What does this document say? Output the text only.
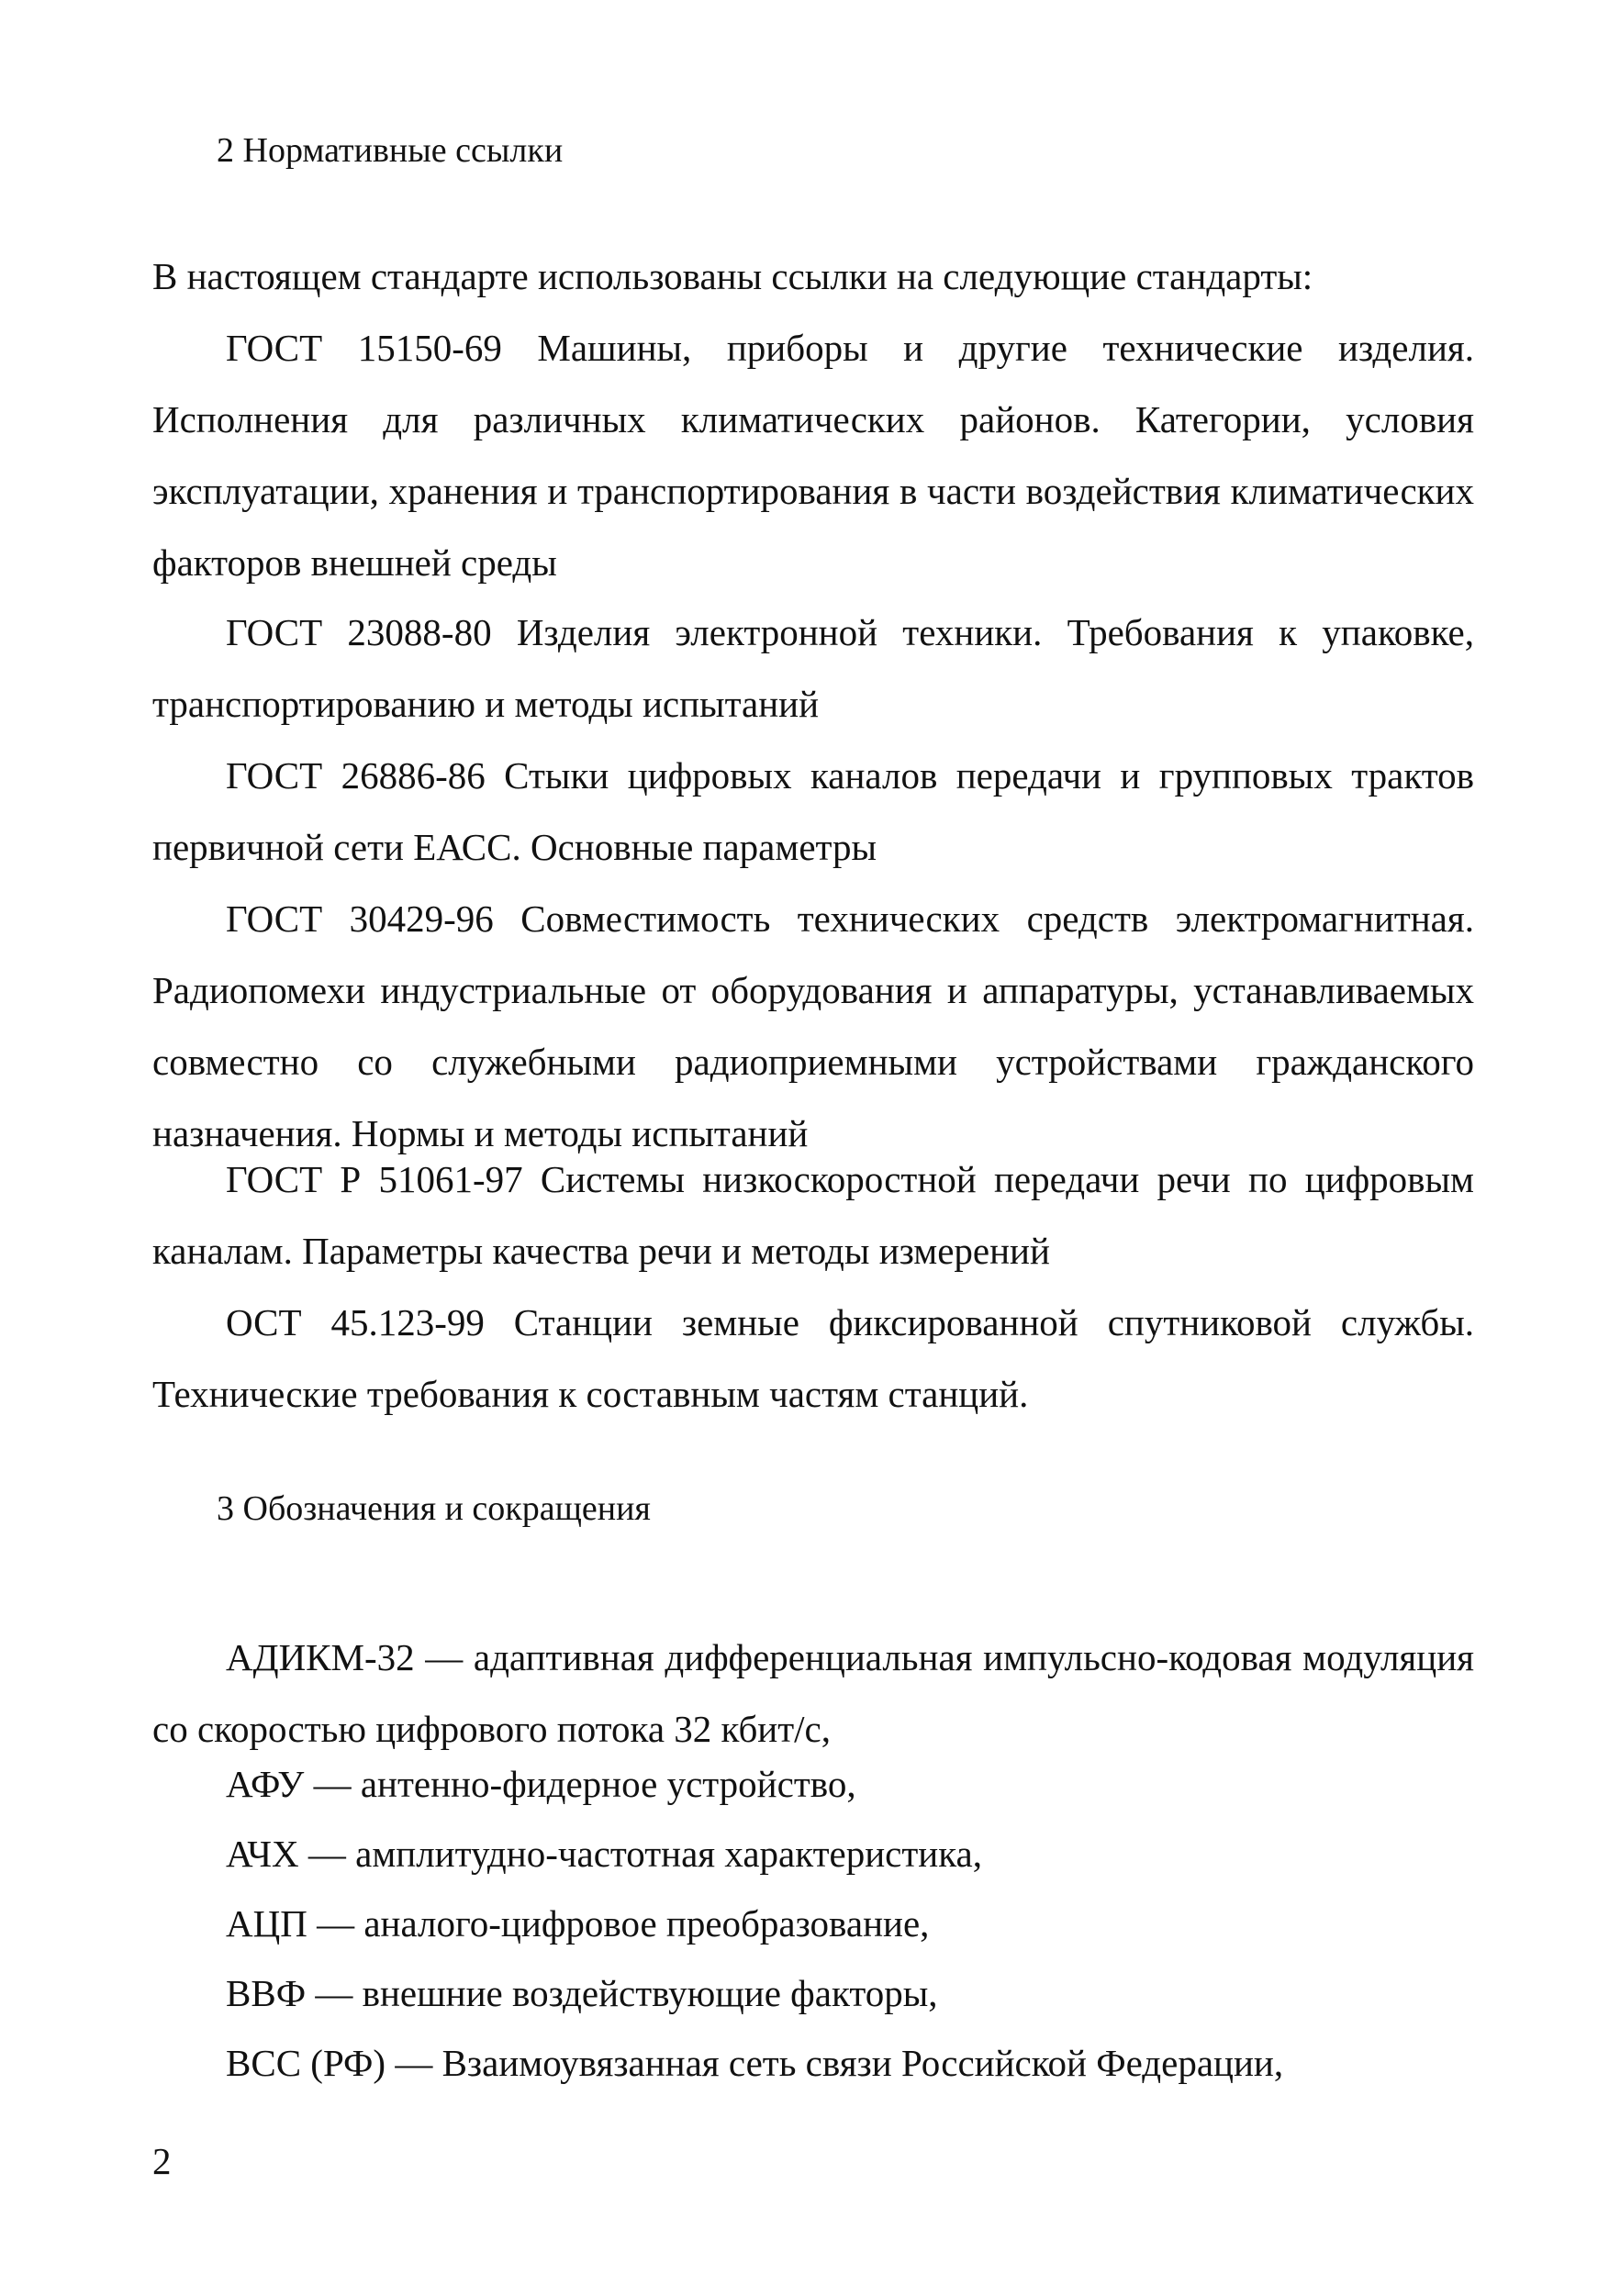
2 Нормативные ссылки

В настоящем стандарте использованы ссылки на следующие стандарты:

ГОСТ 15150-69 Машины, приборы и другие технические изделия. Исполнения для различных климатических районов. Категории, условия эксплуатации, хранения и транспортирования в части воздействия климатических факторов внешней среды

ГОСТ 23088-80 Изделия электронной техники. Требования к упаковке, транспортированию и методы испытаний

ГОСТ 26886-86 Стыки цифровых каналов передачи и групповых трактов первичной сети ЕАСС. Основные параметры

ГОСТ 30429-96 Совместимость технических средств электромагнитная. Радиопомехи индустриальные от оборудования и аппаратуры, устанавливаемых совместно со служебными радиоприемными устройствами гражданского назначения. Нормы и методы испытаний

ГОСТ Р 51061-97 Системы низкоскоростной передачи речи по цифровым каналам. Параметры качества речи и методы измерений

ОСТ 45.123-99 Станции земные фиксированной спутниковой службы. Технические требования к составным частям станций.

3 Обозначения и сокращения

АДИКМ-32 — адаптивная дифференциальная импульсно-кодовая модуляция со скоростью цифрового потока 32 кбит/с,

АФУ — антенно-фидерное устройство,
АЧХ — амплитудно-частотная характеристика,
АЦП — аналого-цифровое преобразование,
ВВФ — внешние воздействующие факторы,
ВСС (РФ) — Взаимоувязанная сеть связи Российской Федерации,
2
